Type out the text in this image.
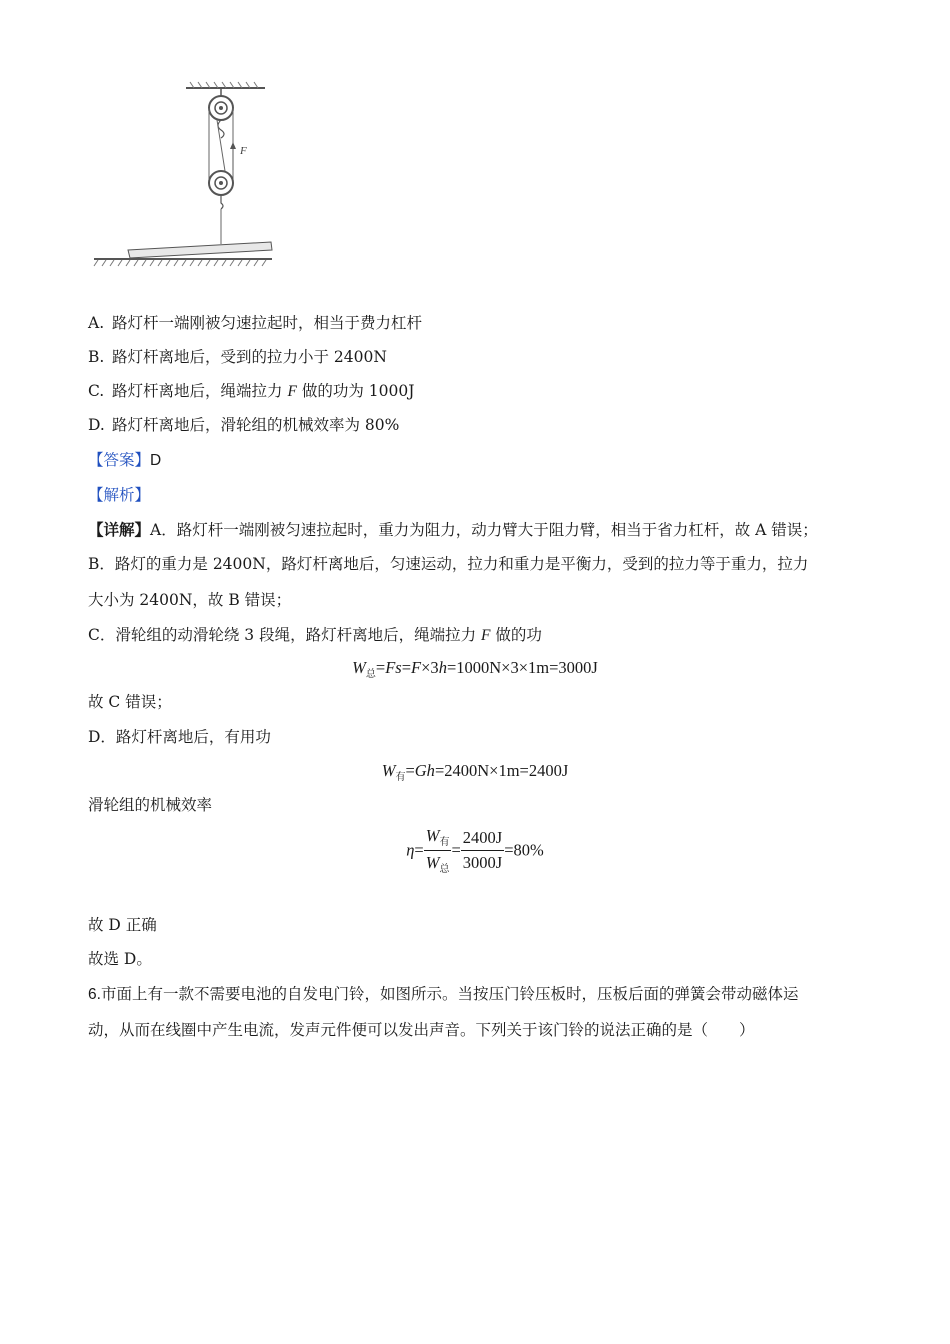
F
A. 路灯杆一端刚被匀速拉起时，相当于费力杠杆
B. 路灯杆离地后，受到的拉力小于 2400N
C. 路灯杆离地后，绳端拉力 F 做的功为 1000J
D. 路灯杆离地后，滑轮组的机械效率为 80%
【答案】D
【解析】
【详解】A．路灯杆一端刚被匀速拉起时，重力为阻力，动力臂大于阻力臂，相当于省力杠杆，故 A 错误；
B．路灯的重力是 2400N，路灯杆离地后，匀速运动，拉力和重力是平衡力，受到的拉力等于重力，拉力
大小为 2400N，故 B 错误；
C．滑轮组的动滑轮绕 3 段绳，路灯杆离地后，绳端拉力 F 做的功
$W_总=Fs=F\times 3h=1000N\times 3\times 1m=3000J$
故 C 错误；
D．路灯杆离地后，有用功
$W_有=Gh=2400N\times 1m=2400J$
滑轮组的机械效率
$\eta= \frac{W_有}{W_总} = \frac{2400J}{3000J} =80\%$
故 D 正确
故选 D。
6.市面上有一款不需要电池的自发电门铃，如图所示。当按压门铃压板时，压板后面的弹簧会带动磁体运
动，从而在线圈中产生电流，发声元件便可以发出声音。下列关于该门铃的说法正确的是（　　）
